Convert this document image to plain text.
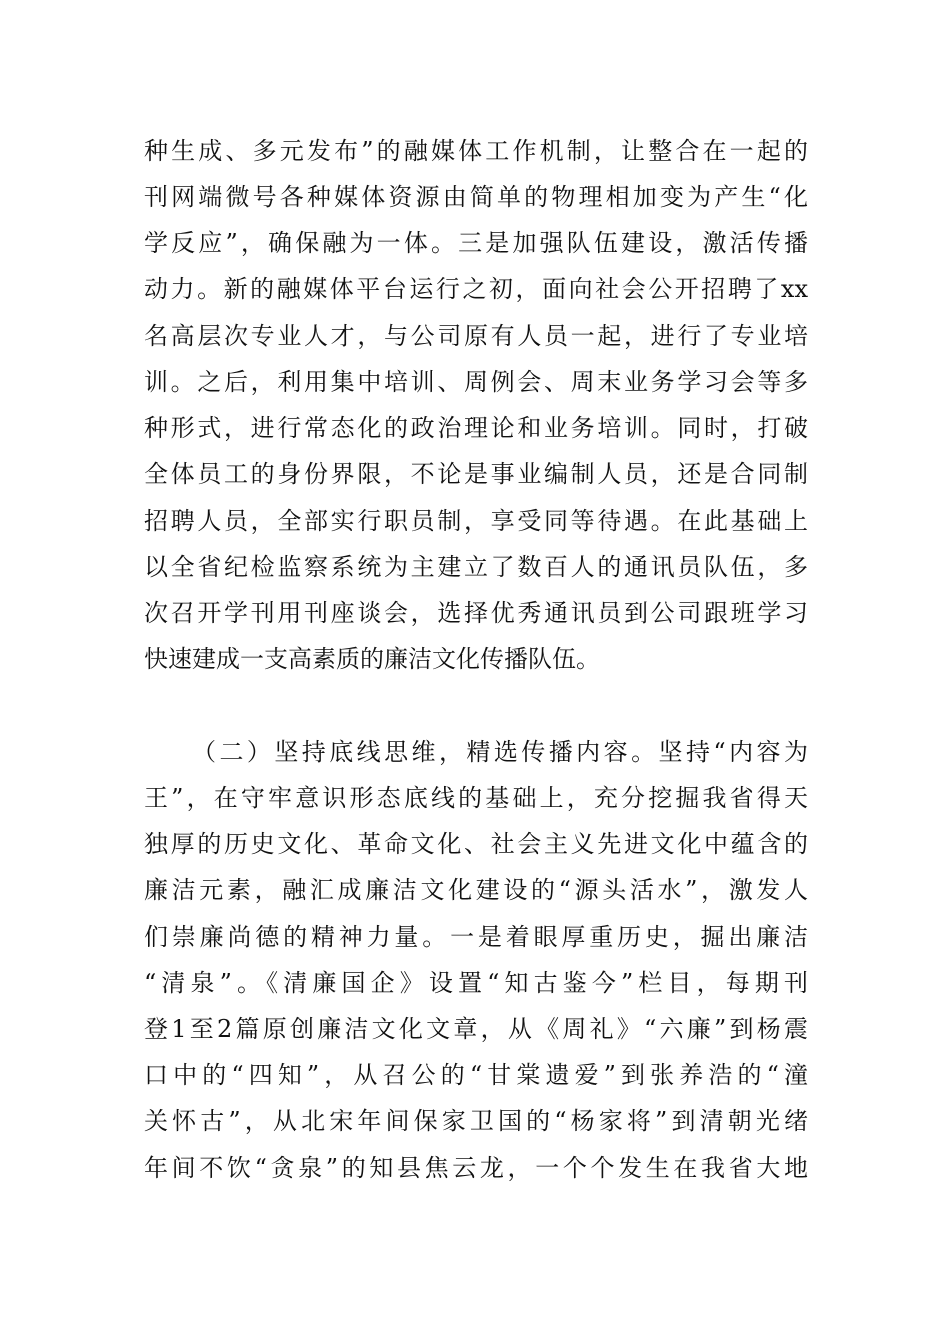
种生成、多元发布”的融媒体工作机制，让整合在一起的
刊网端微号各种媒体资源由简单的物理相加变为产生“化
学反应”，确保融为一体。三是加强队伍建设，激活传播
动力。新的融媒体平台运行之初，面向社会公开招聘了xx
名高层次专业人才，与公司原有人员一起，进行了专业培
训。之后，利用集中培训、周例会、周末业务学习会等多
种形式，进行常态化的政治理论和业务培训。同时，打破
全体员工的身份界限，不论是事业编制人员，还是合同制
招聘人员，全部实行职员制，享受同等待遇。在此基础上
以全省纪检监察系统为主建立了数百人的通讯员队伍，多
次召开学刊用刊座谈会，选择优秀通讯员到公司跟班学习
快速建成一支高素质的廉洁文化传播队伍。
（二）坚持底线思维，精选传播内容。坚持“内容为
王”，在守牢意识形态底线的基础上，充分挖掘我省得天
独厚的历史文化、革命文化、社会主义先进文化中蕴含的
廉洁元素，融汇成廉洁文化建设的“源头活水”，激发人
们崇廉尚德的精神力量。一是着眼厚重历史，掘出廉洁
“清泉”。《清廉国企》设置“知古鉴今”栏目，每期刊
登1至2篇原创廉洁文化文章，从《周礼》“六廉”到杨震
口中的“四知”，从召公的“甘棠遗爱”到张养浩的“潼
关怀古”，从北宋年间保家卫国的“杨家将”到清朝光绪
年间不饮“贪泉”的知县焦云龙，一个个发生在我省大地
